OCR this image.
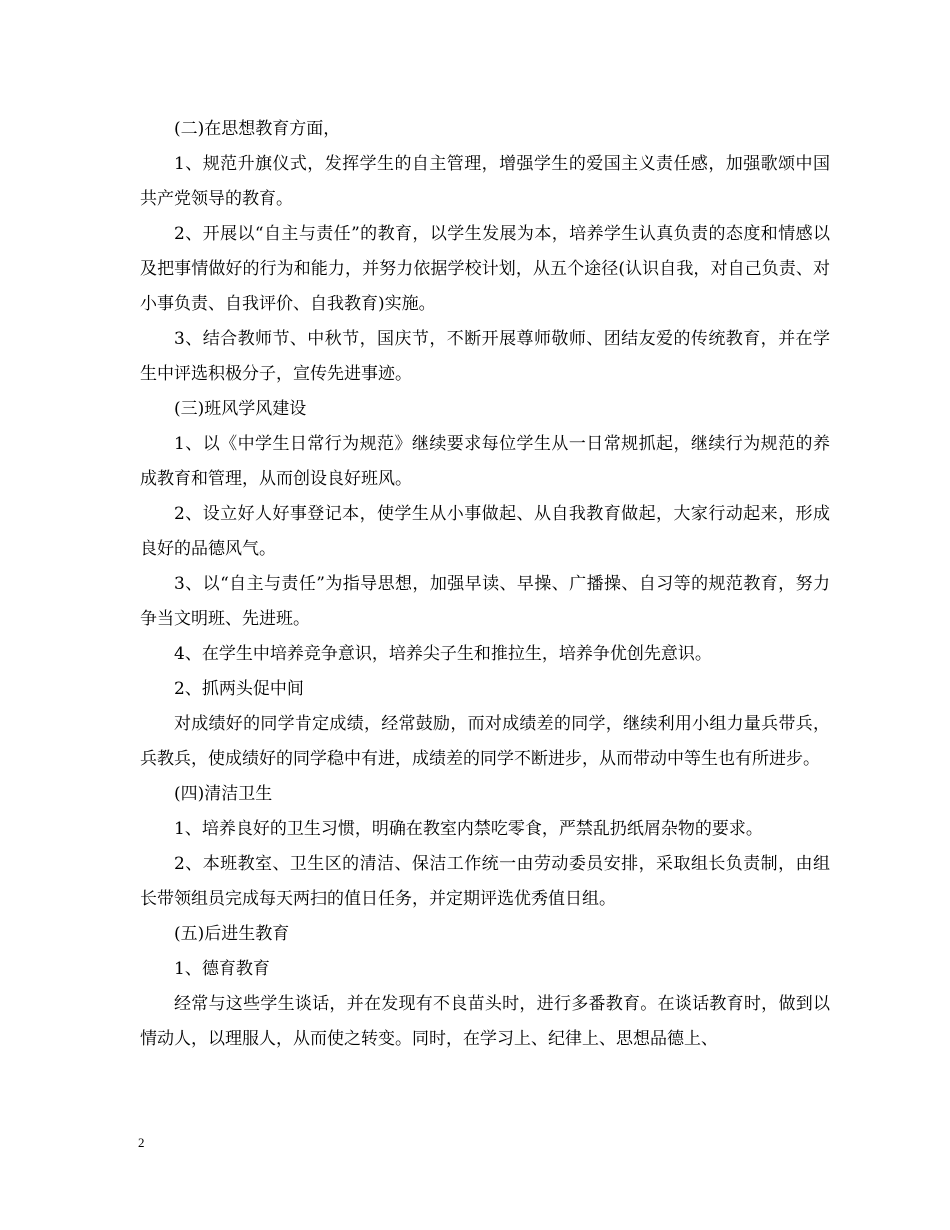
(二)在思想教育方面，

1、规范升旗仪式，发挥学生的自主管理，增强学生的爱国主义责任感，加强歌颂中国共产党领导的教育。

2、开展以“自主与责任”的教育，以学生发展为本，培养学生认真负责的态度和情感以及把事情做好的行为和能力，并努力依据学校计划，从五个途径(认识自我，对自己负责、对小事负责、自我评价、自我教育)实施。

3、结合教师节、中秋节，国庆节，不断开展尊师敬师、团结友爱的传统教育，并在学生中评选积极分子，宣传先进事迹。

(三)班风学风建设

1、以《中学生日常行为规范》继续要求每位学生从一日常规抓起，继续行为规范的养成教育和管理，从而创设良好班风。

2、设立好人好事登记本，使学生从小事做起、从自我教育做起，大家行动起来，形成良好的品德风气。

3、以“自主与责任”为指导思想，加强早读、早操、广播操、自习等的规范教育，努力争当文明班、先进班。

4、在学生中培养竞争意识，培养尖子生和推拉生，培养争优创先意识。

2、抓两头促中间

对成绩好的同学肯定成绩，经常鼓励，而对成绩差的同学，继续利用小组力量兵带兵，兵教兵，使成绩好的同学稳中有进，成绩差的同学不断进步，从而带动中等生也有所进步。

(四)清洁卫生

1、培养良好的卫生习惯，明确在教室内禁吃零食，严禁乱扔纸屑杂物的要求。

2、本班教室、卫生区的清洁、保洁工作统一由劳动委员安排，采取组长负责制，由组长带领组员完成每天两扫的值日任务，并定期评选优秀值日组。

(五)后进生教育

1、德育教育

经常与这些学生谈话，并在发现有不良苗头时，进行多番教育。在谈话教育时，做到以情动人，以理服人，从而使之转变。同时，在学习上、纪律上、思想品德上、

2
